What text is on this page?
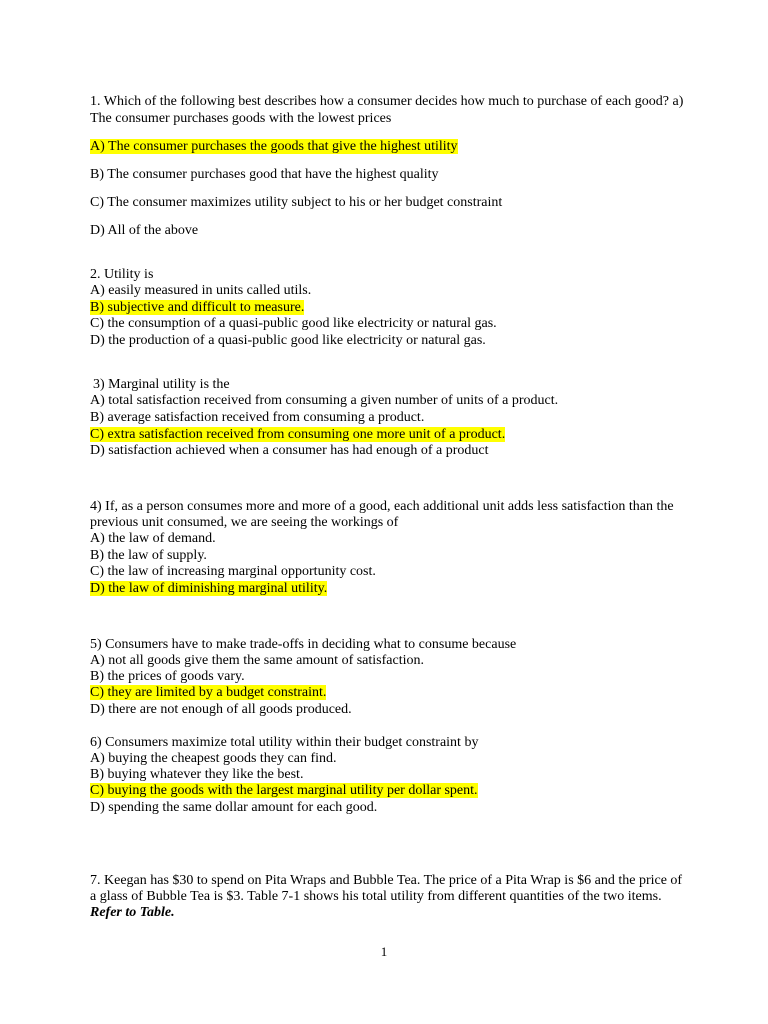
1. Which of the following best describes how a consumer decides how much to purchase of each good? a)
The consumer purchases goods with the lowest prices
A) The consumer purchases the goods that give the highest utility
B) The consumer purchases good that have the highest quality
C) The consumer maximizes utility subject to his or her budget constraint
D) All of the above
2. Utility is
A) easily measured in units called utils.
B) subjective and difficult to measure.
C) the consumption of a quasi-public good like electricity or natural gas.
D) the production of a quasi-public good like electricity or natural gas.
3) Marginal utility is the
A) total satisfaction received from consuming a given number of units of a product.
B) average satisfaction received from consuming a product.
C) extra satisfaction received from consuming one more unit of a product.
D) satisfaction achieved when a consumer has had enough of a product
4) If, as a person consumes more and more of a good, each additional unit adds less satisfaction than the
previous unit consumed, we are seeing the workings of
A) the law of demand.
B) the law of supply.
C) the law of increasing marginal opportunity cost.
D) the law of diminishing marginal utility.
5) Consumers have to make trade-offs in deciding what to consume because
A) not all goods give them the same amount of satisfaction.
B) the prices of goods vary.
C) they are limited by a budget constraint.
D) there are not enough of all goods produced.
6) Consumers maximize total utility within their budget constraint by
A) buying the cheapest goods they can find.
B) buying whatever they like the best.
C) buying the goods with the largest marginal utility per dollar spent.
D) spending the same dollar amount for each good.
7. Keegan has $30 to spend on Pita Wraps and Bubble Tea. The price of a Pita Wrap is $6 and the price of
a glass of Bubble Tea is $3. Table 7-1 shows his total utility from different quantities of the two items.
Refer to Table.
1
